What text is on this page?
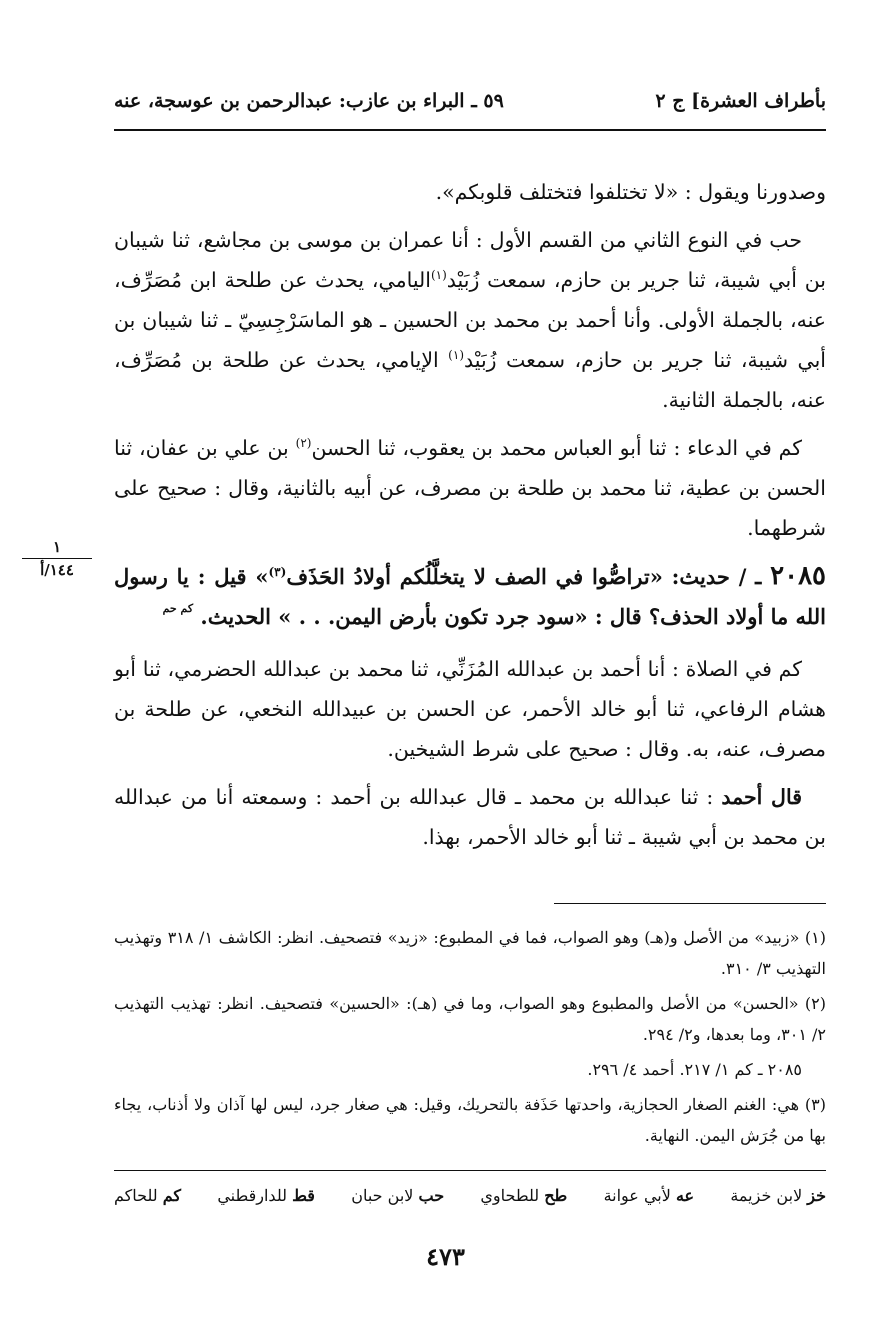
بأطراف العشرة] ج ٢
٥٩ ـ البراء بن عازب: عبدالرحمن بن عوسجة، عنه

وصدورنا ويقول : «لا تختلفوا فتختلف قلوبكم».

حب في النوع الثاني من القسم الأول : أنا عمران بن موسى بن مجاشع، ثنا شيبان بن أبي شيبة، ثنا جرير بن حازم، سمعت زُبَيْد$^{(١)}$اليامي، يحدث عن طلحة ابن مُصَرِّف، عنه، بالجملة الأولى. وأنا أحمد بن محمد بن الحسين ـ هو الماسَرْجِسِيّ ـ ثنا شيبان بن أبي شيبة، ثنا جرير بن حازم، سمعت زُبَيْد$^{(١)}$ الإيامي، يحدث عن طلحة بن مُصَرِّف، عنه، بالجملة الثانية.

كم في الدعاء : ثنا أبو العباس محمد بن يعقوب، ثنا الحسن$^{(٢)}$ بن علي بن عفان، ثنا الحسن بن عطية، ثنا محمد بن طلحة بن مصرف، عن أبيه بالثانية، وقال : صحيح على شرطهما.

٢٠٨٥ ـ / حديث: «تراصُّوا في الصف لا يتخلَّلُكم أولادُ الحَذَف$^{(٣)}$» قيل : يا رسول الله ما أولاد الحذف؟ قال : «سود جرد تكون بأرض اليمن. . . » الحديث. $^{كم حم}$

كم في الصلاة : أنا أحمد بن عبدالله المُزَنِّي، ثنا محمد بن عبدالله الحضرمي، ثنا أبو هشام الرفاعي، ثنا أبو خالد الأحمر، عن الحسن بن عبيدالله النخعي، عن طلحة بن مصرف، عنه، به. وقال : صحيح على شرط الشيخين.

قال أحمد : ثنا عبدالله بن محمد ـ قال عبدالله بن أحمد : وسمعته أنا من عبدالله بن محمد بن أبي شيبة ـ ثنا أبو خالد الأحمر، بهذا.

١
١٤٤/أ

(١) «زبيد» من الأصل و(هـ) وهو الصواب، فما في المطبوع: «زيد» فتصحيف. انظر: الكاشف ١/ ٣١٨ وتهذيب التهذيب ٣/ ٣١٠.

(٢) «الحسن» من الأصل والمطبوع وهو الصواب، وما في (هـ): «الحسين» فتصحيف. انظر: تهذيب التهذيب ٢/ ٣٠١، وما بعدها، و٢/ ٢٩٤.

٢٠٨٥ ـ كم ١/ ٢١٧. أحمد ٤/ ٢٩٦.

(٣) هي: الغنم الصغار الحجازية، واحدتها حَذَفة بالتحريك، وقيل: هي صغار جرد، ليس لها آذان ولا أذناب، يجاء بها من جُرَش اليمن. النهاية.

خز لابن خزيمة
عه لأبي عوانة
طح للطحاوي
حب لابن حبان
قط للدارقطني
كم للحاكم
٤٧٣
